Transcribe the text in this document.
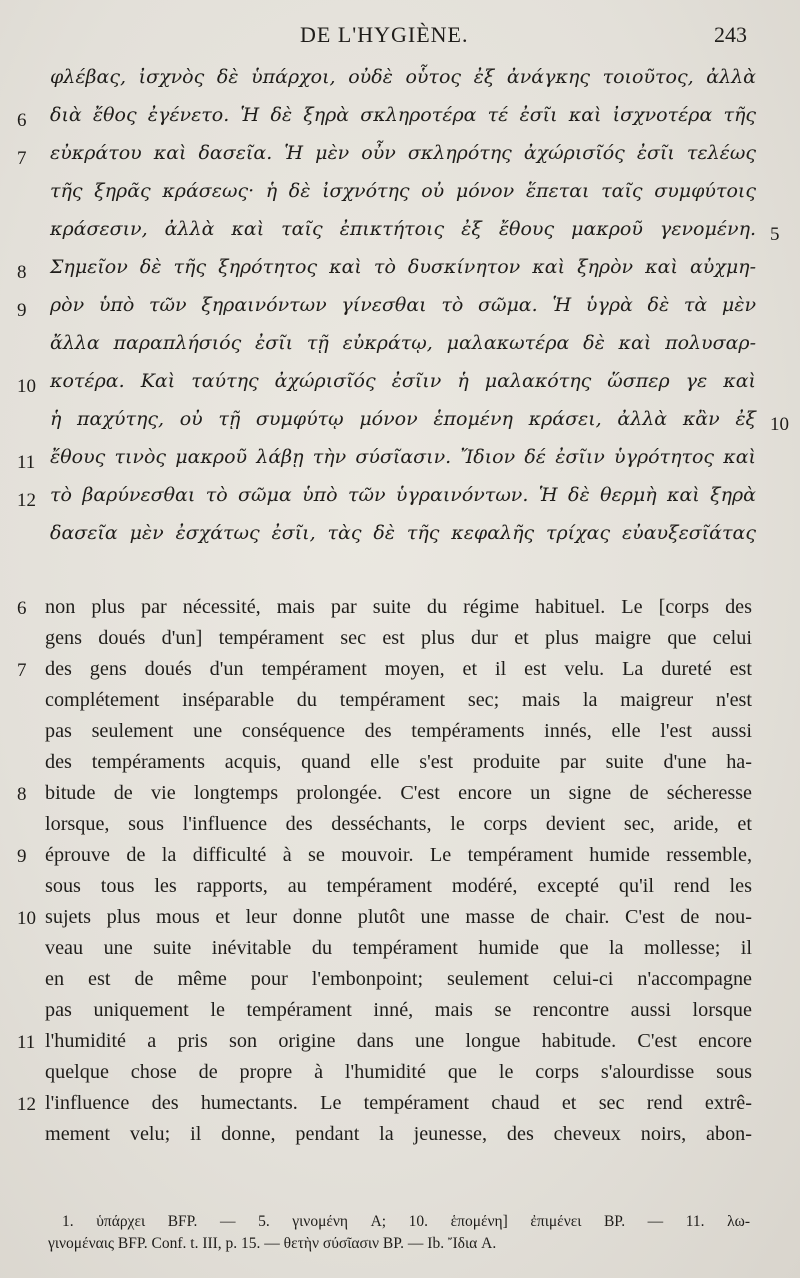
DE L'HYGIÈNE.	243
φλέβας, ἰσχνὸς δὲ ὑπάρχοι, οὐδὲ οὗτος ἐξ ἀνάγκης τοιοῦτος, ἀλλὰ
διὰ ἔθος ἐγένετο. Ἡ δὲ ξηρὰ σκληροτέρα τέ ἐσῖι καὶ ἰσχνοτέρα τῆς
εὐκράτου καὶ δασεῖα. Ἡ μὲν οὖν σκληρότης ἀχώρισῖός ἐσῖι τελέως
τῆς ξηρᾶς κράσεως· ἡ δὲ ἰσχνότης οὐ μόνον ἕπεται ταῖς συμφύτοις
κράσεσιν, ἀλλὰ καὶ ταῖς ἐπικτήτοις ἐξ ἔθους μακροῦ γενομένη.
Σημεῖον δὲ τῆς ξηρότητος καὶ τὸ δυσκίνητον καὶ ξηρὸν καὶ αὐχμη-
ρὸν ὑπὸ τῶν ξηραινόντων γίνεσθαι τὸ σῶμα. Ἡ ὑγρὰ δὲ τὰ μὲν
ἄλλα παραπλήσιός ἐσῖι τῇ εὐκράτῳ, μαλακωτέρα δὲ καὶ πολυσαρ-
κοτέρα. Καὶ ταύτης ἀχώρισῖός ἐσῖιν ἡ μαλακότης ὥσπερ γε καὶ
ἡ παχύτης, οὐ τῇ συμφύτῳ μόνον ἑπομένη κράσει, ἀλλὰ κἂν ἐξ
ἔθους τινὸς μακροῦ λάβῃ τὴν σύσῖασιν. Ἴδιον δέ ἐσῖιν ὑγρότητος καὶ
τὸ βαρύνεσθαι τὸ σῶμα ὑπὸ τῶν ὑγραινόντων. Ἡ δὲ θερμὴ καὶ ξηρὰ
δασεῖα μὲν ἐσχάτως ἐσῖι, τὰς δὲ τῆς κεφαλῆς τρίχας εὐαυξεσῖάτας
6
7
8
9
10
11
12
5
10
non plus par nécessité, mais par suite du régime habituel. Le [corps des
gens doués d'un] tempérament sec est plus dur et plus maigre que celui
des gens doués d'un tempérament moyen, et il est velu. La dureté est
complétement inséparable du tempérament sec; mais la maigreur n'est
pas seulement une conséquence des tempéraments innés, elle l'est aussi
des tempéraments acquis, quand elle s'est produite par suite d'une ha-
bitude de vie longtemps prolongée. C'est encore un signe de sécheresse
lorsque, sous l'influence des desséchants, le corps devient sec, aride, et
éprouve de la difficulté à se mouvoir. Le tempérament humide ressemble,
sous tous les rapports, au tempérament modéré, excepté qu'il rend les
sujets plus mous et leur donne plutôt une masse de chair. C'est de nou-
veau une suite inévitable du tempérament humide que la mollesse; il
en est de même pour l'embonpoint; seulement celui-ci n'accompagne
pas uniquement le tempérament inné, mais se rencontre aussi lorsque
l'humidité a pris son origine dans une longue habitude. C'est encore
quelque chose de propre à l'humidité que le corps s'alourdisse sous
l'influence des humectants. Le tempérament chaud et sec rend extrê-
mement velu; il donne, pendant la jeunesse, des cheveux noirs, abon-
6
7
8
9
10
11
12
1. ὑπάρχει BFP. — 5. γινομένη A; 10. ἑπομένη] ἐπιμένει BP. — 11. λω-
γινομέναις BFP. Conf. t. III, p. 15. — θετὴν σύσῖασιν BP. — Ib. Ἴδια A.
